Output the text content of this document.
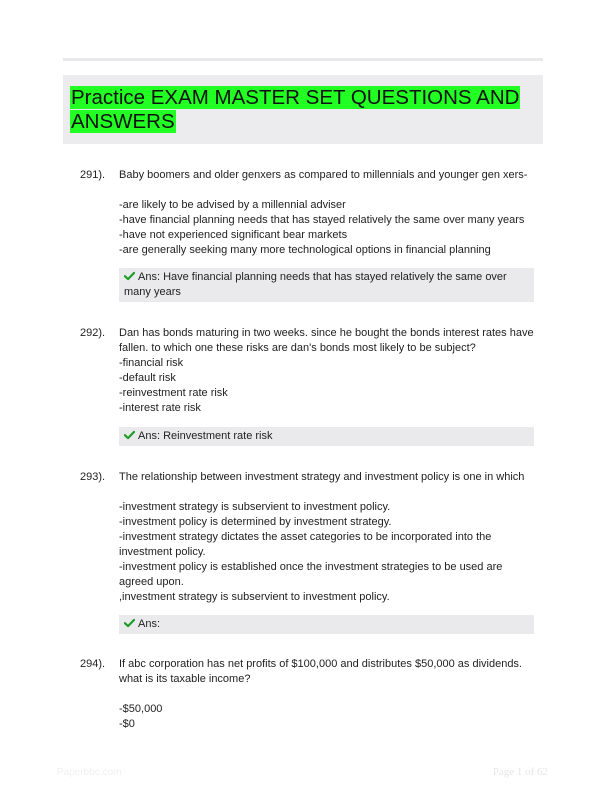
Practice EXAM MASTER SET QUESTIONS AND ANSWERS
291). Baby boomers and older genxers as compared to millennials and younger gen xers-
-are likely to be advised by a millennial adviser
-have financial planning needs that has stayed relatively the same over many years
-have not experienced significant bear markets
-are generally seeking many more technological options in financial planning
Ans: Have financial planning needs that has stayed relatively the same over many years
292). Dan has bonds maturing in two weeks. since he bought the bonds interest rates have fallen. to which one these risks are dan's bonds most likely to be subject?
-financial risk
-default risk
-reinvestment rate risk
-interest rate risk
Ans: Reinvestment rate risk
293). The relationship between investment strategy and investment policy is one in which
-investment strategy is subservient to investment policy.
-investment policy is determined by investment strategy.
-investment strategy dictates the asset categories to be incorporated into the investment policy.
-investment policy is established once the investment strategies to be used are agreed upon.
,investment strategy is subservient to investment policy.
Ans:
294). If abc corporation has net profits of $100,000 and distributes $50,000 as dividends. what is its taxable income?
-$50,000
-$0
Paperbbc.com	Page 1 of 62
